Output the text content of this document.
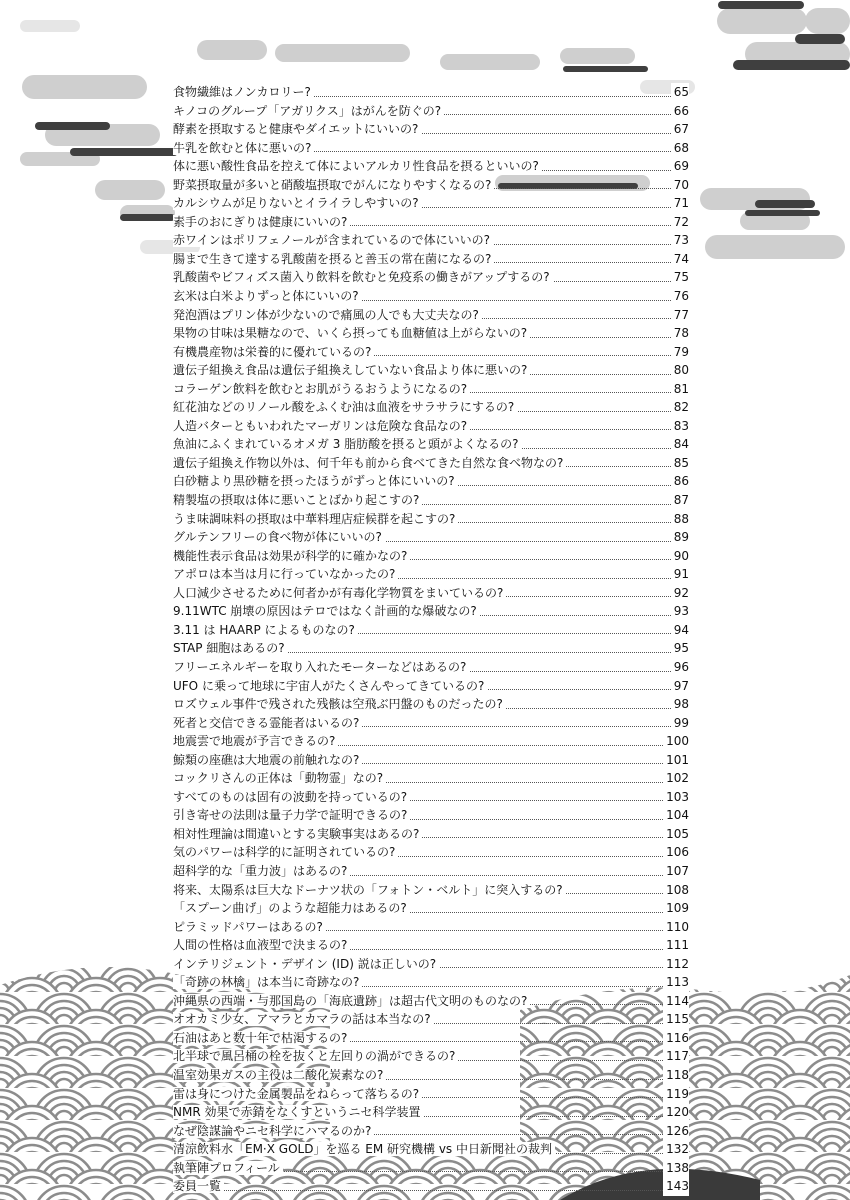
食物繊維はノンカロリー?	65
キノコのグループ「アガリクス」はがんを防ぐの?	66
酵素を摂取すると健康やダイエットにいいの?	67
牛乳を飲むと体に悪いの?	68
体に悪い酸性食品を控えて体によいアルカリ性食品を摂るといいの?	69
野菜摂取量が多いと硝酸塩摂取でがんになりやすくなるの?	70
カルシウムが足りないとイライラしやすいの?	71
素手のおにぎりは健康にいいの?	72
赤ワインはポリフェノールが含まれているので体にいいの?	73
腸まで生きて達する乳酸菌を摂ると善玉の常在菌になるの?	74
乳酸菌やビフィズス菌入り飲料を飲むと免疫系の働きがアップするの?	75
玄米は白米よりずっと体にいいの?	76
発泡酒はプリン体が少ないので痛風の人でも大丈夫なの?	77
果物の甘味は果糖なので、いくら摂っても血糖値は上がらないの?	78
有機農産物は栄養的に優れているの?	79
遺伝子組換え食品は遺伝子組換えしていない食品より体に悪いの?	80
コラーゲン飲料を飲むとお肌がうるおうようになるの?	81
紅花油などのリノール酸をふくむ油は血液をサラサラにするの?	82
人造バターともいわれたマーガリンは危険な食品なの?	83
魚油にふくまれているオメガ 3 脂肪酸を摂ると頭がよくなるの?	84
遺伝子組換え作物以外は、何千年も前から食べてきた自然な食べ物なの?	85
白砂糖より黒砂糖を摂ったほうがずっと体にいいの?	86
精製塩の摂取は体に悪いことばかり起こすの?	87
うま味調味料の摂取は中華料理店症候群を起こすの?	88
グルテンフリーの食べ物が体にいいの?	89
機能性表示食品は効果が科学的に確かなの?	90
アポロは本当は月に行っていなかったの?	91
人口減少させるために何者かが有毒化学物質をまいているの?	92
9.11WTC 崩壊の原因はテロではなく計画的な爆破なの?	93
3.11 は HAARP によるものなの?	94
STAP 細胞はあるの?	95
フリーエネルギーを取り入れたモーターなどはあるの?	96
UFO に乗って地球に宇宙人がたくさんやってきているの?	97
ロズウェル事件で残された残骸は空飛ぶ円盤のものだったの?	98
死者と交信できる霊能者はいるの?	99
地震雲で地震が予言できるの?	100
鯨類の座礁は大地震の前触れなの?	101
コックリさんの正体は「動物霊」なの?	102
すべてのものは固有の波動を持っているの?	103
引き寄せの法則は量子力学で証明できるの?	104
相対性理論は間違いとする実験事実はあるの?	105
気のパワーは科学的に証明されているの?	106
超科学的な「重力波」はあるの?	107
将来、太陽系は巨大なドーナツ状の「フォトン・ベルト」に突入するの?	108
「スプーン曲げ」のような超能力はあるの?	109
ピラミッドパワーはあるの?	110
人間の性格は血液型で決まるの?	111
インテリジェント・デザイン (ID) 説は正しいの?	112
「奇跡の林檎」は本当に奇跡なの?	113
沖縄県の西端・与那国島の「海底遺跡」は超古代文明のものなの?	114
オオカミ少女、アマラとカマラの話は本当なの?	115
石油はあと数十年で枯渇するの?	116
北半球で風呂桶の栓を抜くと左回りの渦ができるの?	117
温室効果ガスの主役は二酸化炭素なの?	118
雷は身につけた金属製品をねらって落ちるの?	119
NMR 効果で赤錆をなくすというニセ科学装置	120
なぜ陰謀論やニセ科学にハマるのか?	126
清涼飲料水「EM·X GOLD」を巡る EM 研究機構 vs 中日新聞社の裁判	132
執筆陣プロフィール	138
委員一覧	143
